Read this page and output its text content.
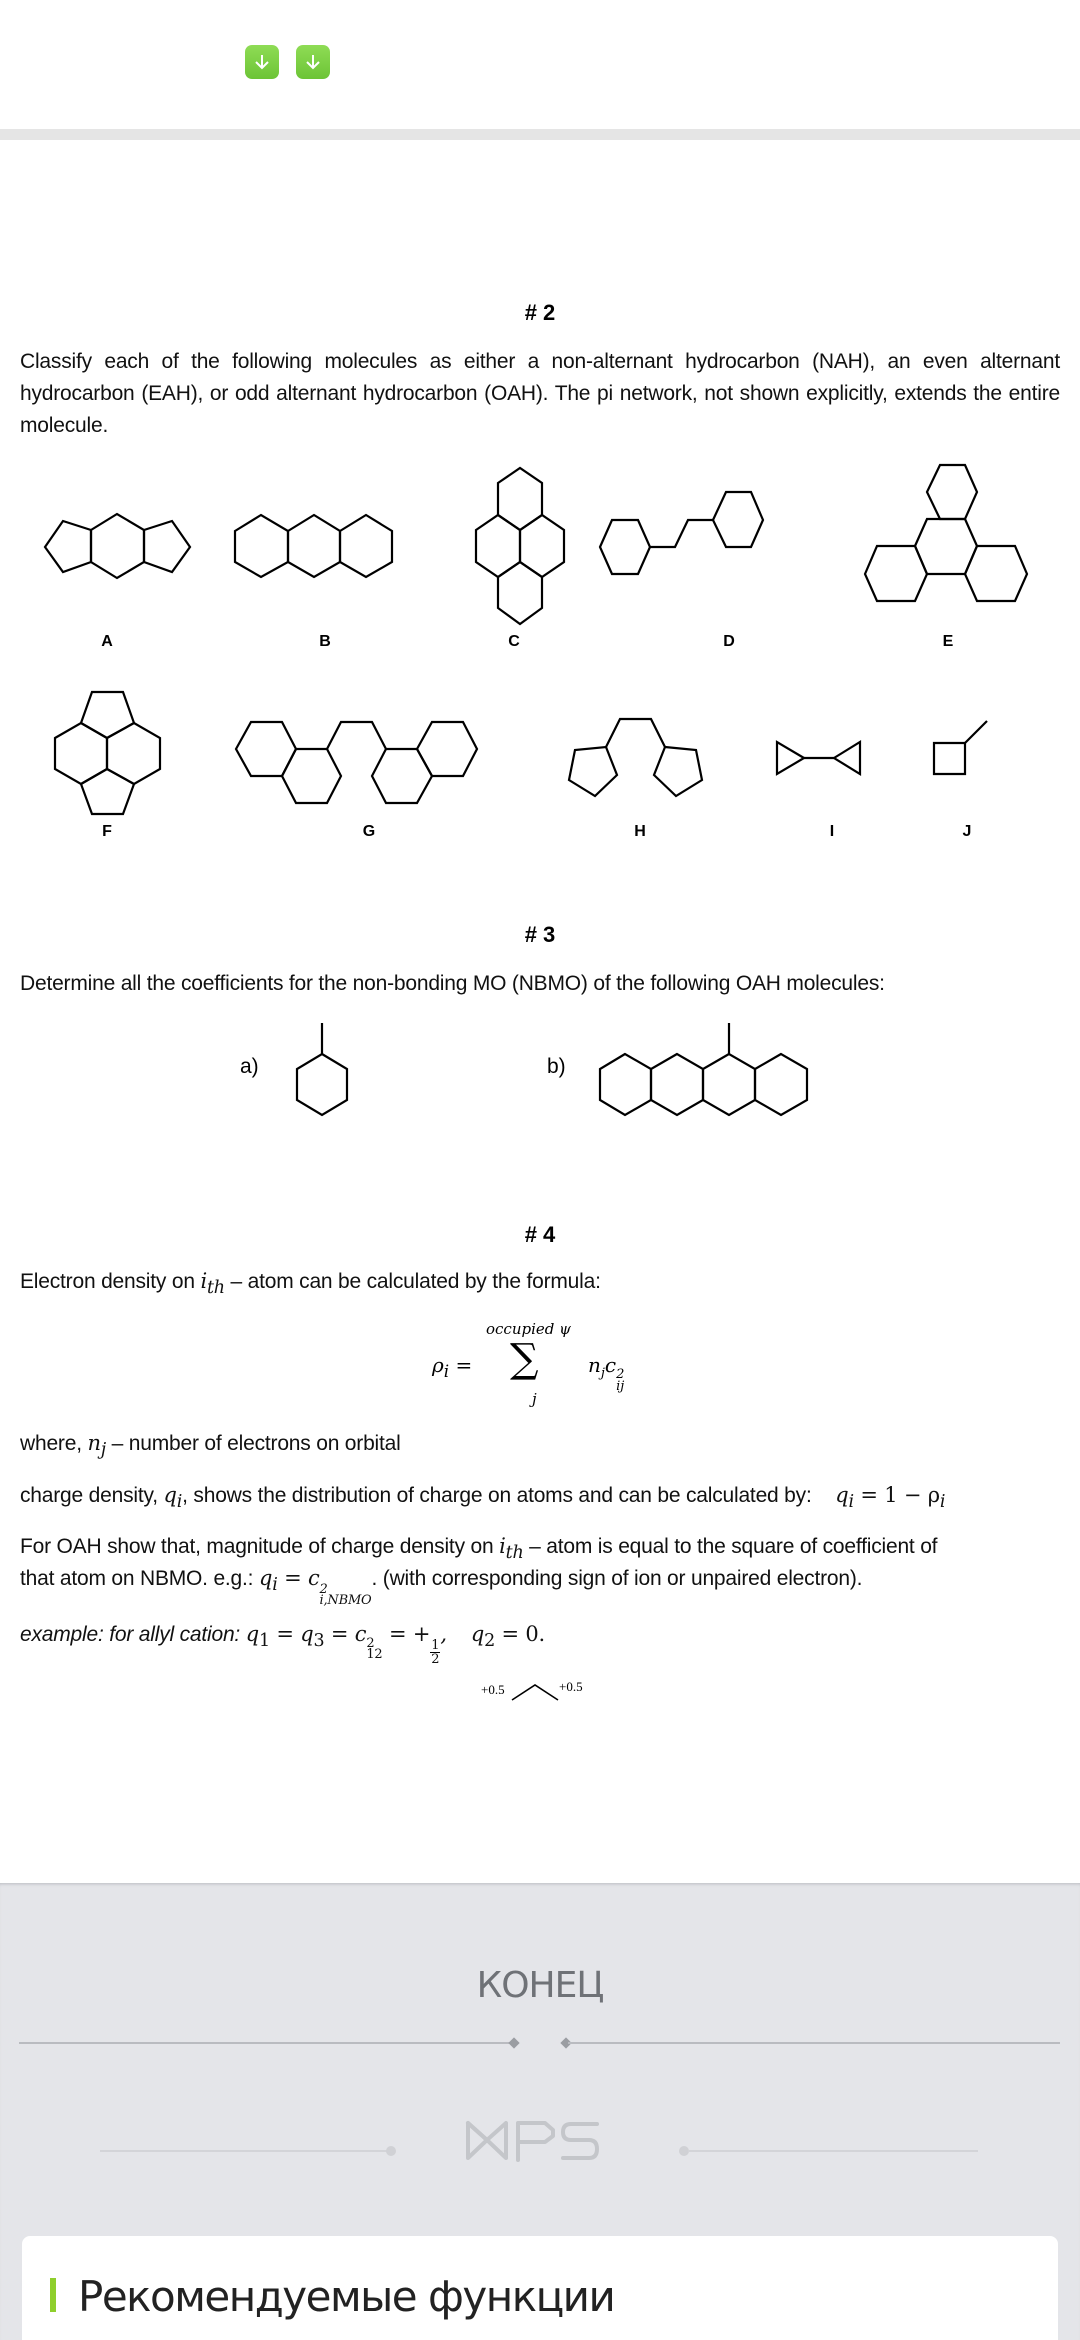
# 2
Classify each of the following molecules as either a non-alternant hydrocarbon (NAH), an even alternant hydrocarbon (EAH), or odd alternant hydrocarbon (OAH). The pi network, not shown explicitly, extends the entire molecule.
A	B	C	D	E
F	G	H	I	J
# 3
Determine all the coefficients for the non-bonding MO (NBMO) of the following OAH molecules:
a)	b)
# 4
Electron density on $i_{th}$ – atom can be calculated by the formula:
$\rho_i$ =
occupied ψ
∑
j
$n_jc$ 2
ij
where, $n_j$ – number of electrons on orbital
charge density, $q_i$, shows the distribution of charge on atoms and can be calculated by: $q_i = 1 - \rho_i$
For OAH show that, magnitude of charge density on $i_{th}$ – atom is equal to the square of coefficient of
that atom on NBMO. e.g.: $q_i = c$ 2
i,NBMO
. (with corresponding sign of ion or unpaired electron).
example: for allyl cation: $q_1 = q_3 = c$ 2
12
= +
$\frac{1}{2}$
, $q_2 = 0$.
+0.5	+0.5
КОНЕЦ
Рекомендуемые функции
